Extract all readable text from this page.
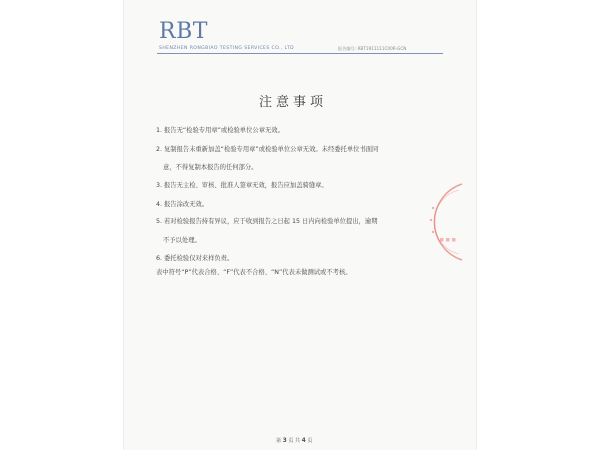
RBT
SHENZHEN RONGBIAO TESTING SERVICES CO., LTD	报告编号: RBT1911111C00R-GCN
注意事项
1. 报告无“检验专用章”或检验单位公章无效。
2. 复制报告未重新加盖“检验专用章”或检验单位公章无效。未经委托单位书面同
意，不得复制本报告的任何部分。
3. 报告无主检、审核、批准人签章无效，报告应加盖骑缝章。
4. 报告涂改无效。
5. 若对检验报告持有异议，应于收到报告之日起 15 日内向检验单位提出，逾期
不予以处理。
6. 委托检验仅对来样负责。
表中符号“P”代表合格、“F”代表不合格、“N”代表未做测试或不考核。
第 3 页 共 4 页
